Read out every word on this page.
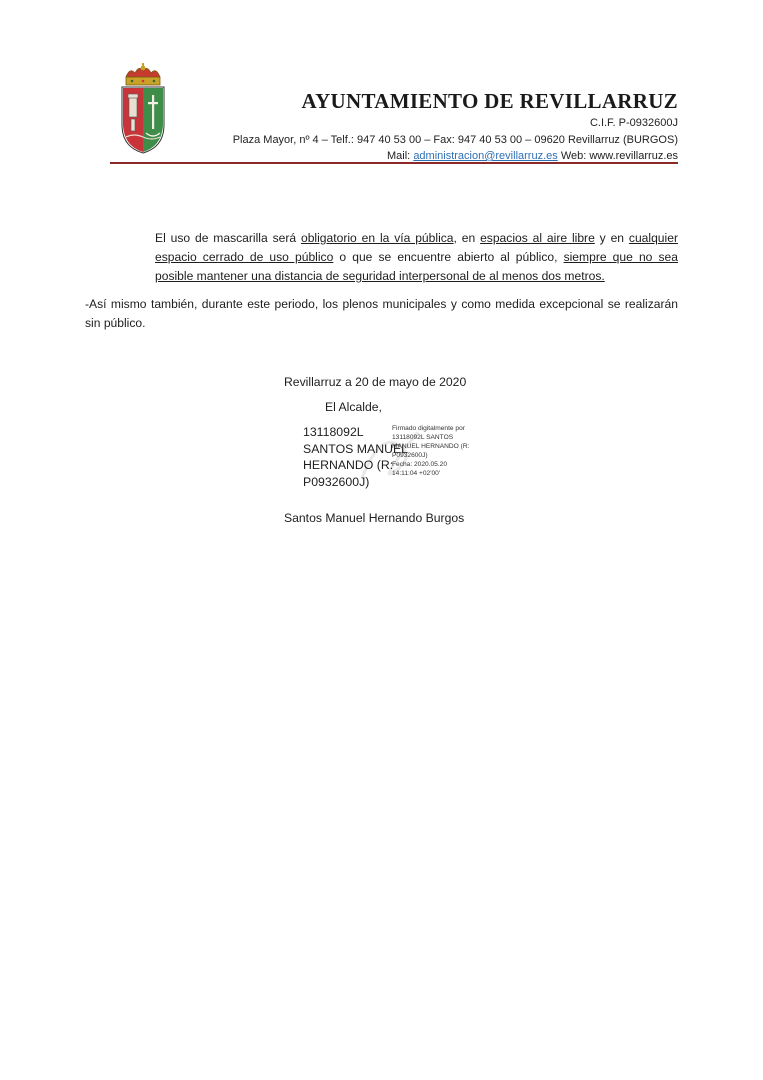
AYUNTAMIENTO DE REVILLARRUZ
C.I.F. P-0932600J
Plaza Mayor, nº 4 – Telf.: 947 40 53 00 – Fax: 947 40 53 00 – 09620 Revillarruz (BURGOS)
Mail: administracion@revillarruz.es Web: www.revillarruz.es
El uso de mascarilla será obligatorio en la vía pública, en espacios al aire libre y en cualquier espacio cerrado de uso público o que se encuentre abierto al público, siempre que no sea posible mantener una distancia de seguridad interpersonal de al menos dos metros.
-Así mismo también, durante este periodo, los plenos municipales y como medida excepcional se realizarán sin público.
Revillarruz a 20 de mayo de 2020
El Alcalde,
13118092L
SANTOS MANUEL
HERNANDO (R:
P0932600J)
Firmado digitalmente por
13118092L SANTOS
MANUEL HERNANDO (R:
P0932600J)
Fecha: 2020.05.20
14:11:04 +02'00'
Santos Manuel Hernando Burgos
